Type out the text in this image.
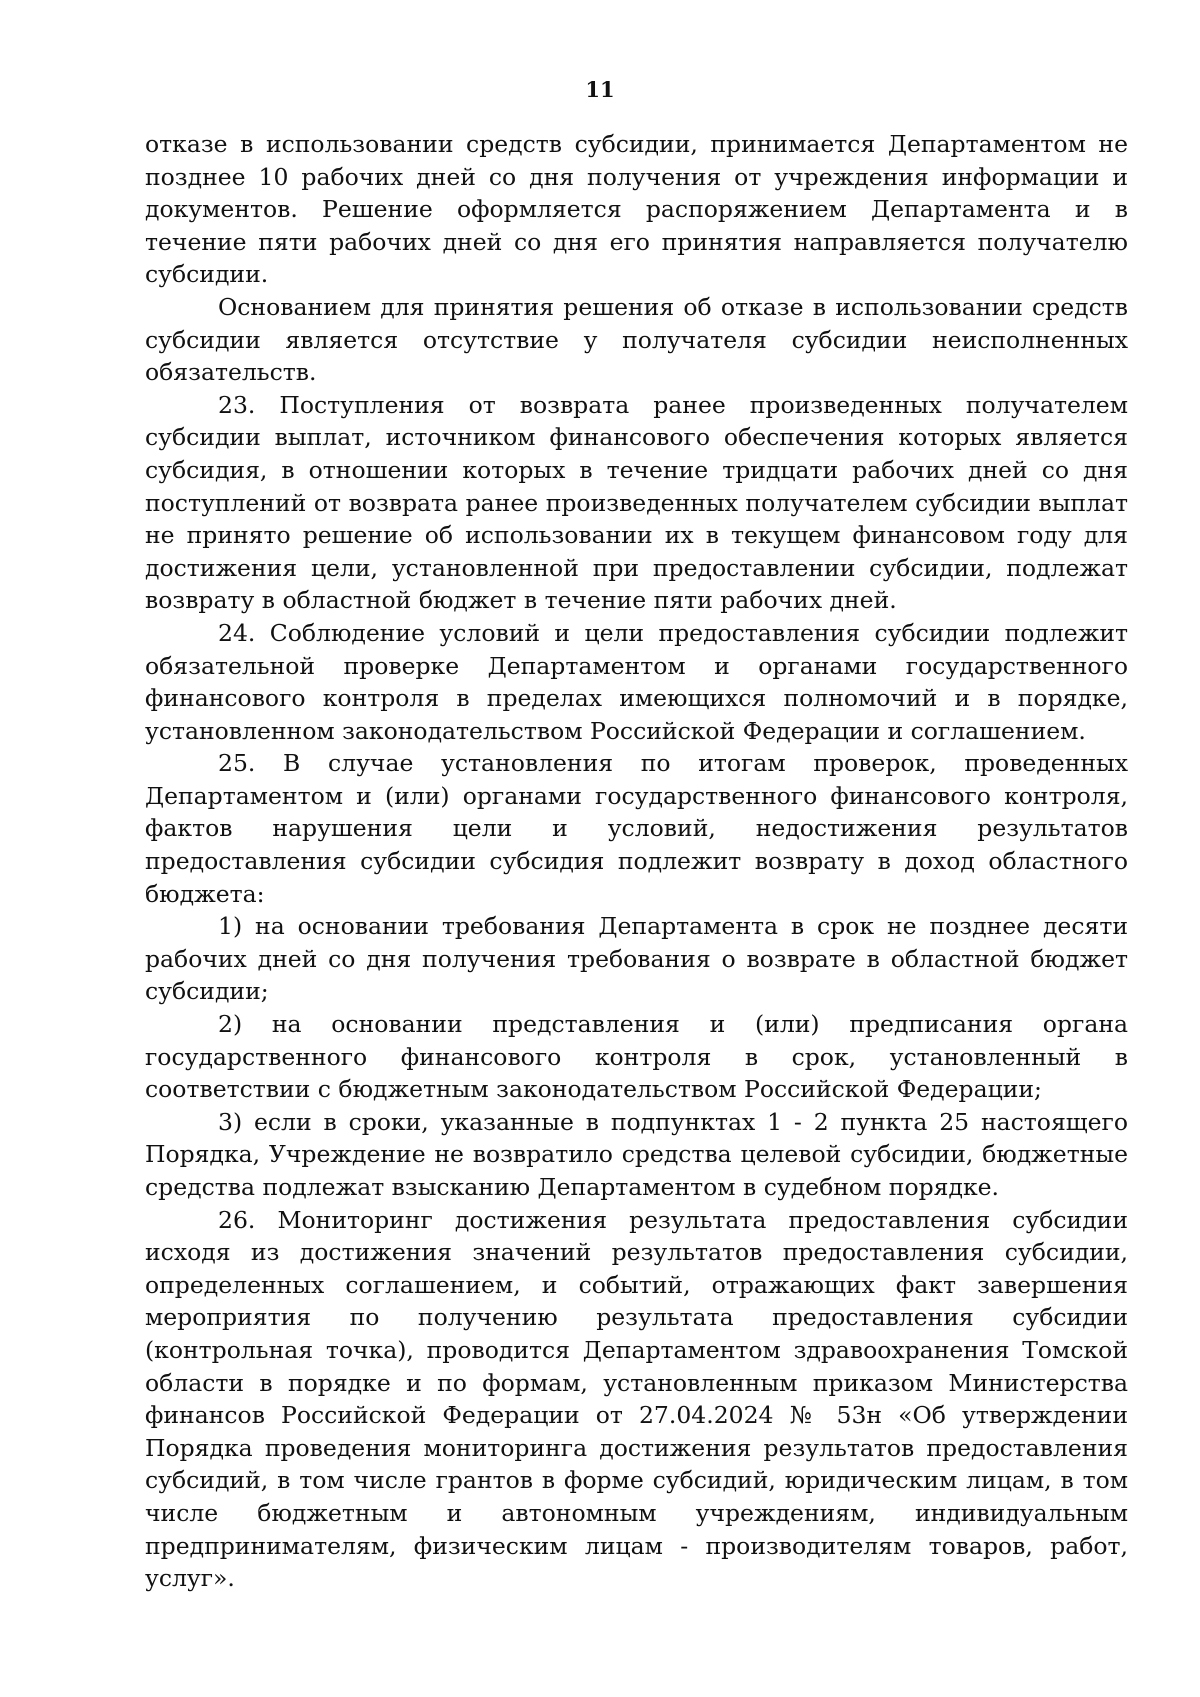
11

отказе в использовании средств субсидии, принимается Департаментом не позднее 10 рабочих дней со дня получения от учреждения информации и документов. Решение оформляется распоряжением Департамента и в течение пяти рабочих дней со дня его принятия направляется получателю субсидии.

Основанием для принятия решения об отказе в использовании средств субсидии является отсутствие у получателя субсидии неисполненных обязательств.

23. Поступления от возврата ранее произведенных получателем субсидии выплат, источником финансового обеспечения которых является субсидия, в отношении которых в течение тридцати рабочих дней со дня поступлений от возврата ранее произведенных получателем субсидии выплат не принято решение об использовании их в текущем финансовом году для достижения цели, установленной при предоставлении субсидии, подлежат возврату в областной бюджет в течение пяти рабочих дней.

24. Соблюдение условий и цели предоставления субсидии подлежит обязательной проверке Департаментом и органами государственного финансового контроля в пределах имеющихся полномочий и в порядке, установленном законодательством Российской Федерации и соглашением.

25. В случае установления по итогам проверок, проведенных Департаментом и (или) органами государственного финансового контроля, фактов нарушения цели и условий, недостижения результатов предоставления субсидии субсидия подлежит возврату в доход областного бюджета:

1) на основании требования Департамента в срок не позднее десяти рабочих дней со дня получения требования о возврате в областной бюджет субсидии;

2) на основании представления и (или) предписания органа государственного финансового контроля в срок, установленный в соответствии с бюджетным законодательством Российской Федерации;

3) если в сроки, указанные в подпунктах 1 - 2 пункта 25 настоящего Порядка, Учреждение не возвратило средства целевой субсидии, бюджетные средства подлежат взысканию Департаментом в судебном порядке.

26. Мониторинг достижения результата предоставления субсидии исходя из достижения значений результатов предоставления субсидии, определенных соглашением, и событий, отражающих факт завершения мероприятия по получению результата предоставления субсидии (контрольная точка), проводится Департаментом здравоохранения Томской области в порядке и по формам, установленным приказом Министерства финансов Российской Федерации от 27.04.2024 № 53н «Об утверждении Порядка проведения мониторинга достижения результатов предоставления субсидий, в том числе грантов в форме субсидий, юридическим лицам, в том числе бюджетным и автономным учреждениям, индивидуальным предпринимателям, физическим лицам - производителям товаров, работ, услуг».
